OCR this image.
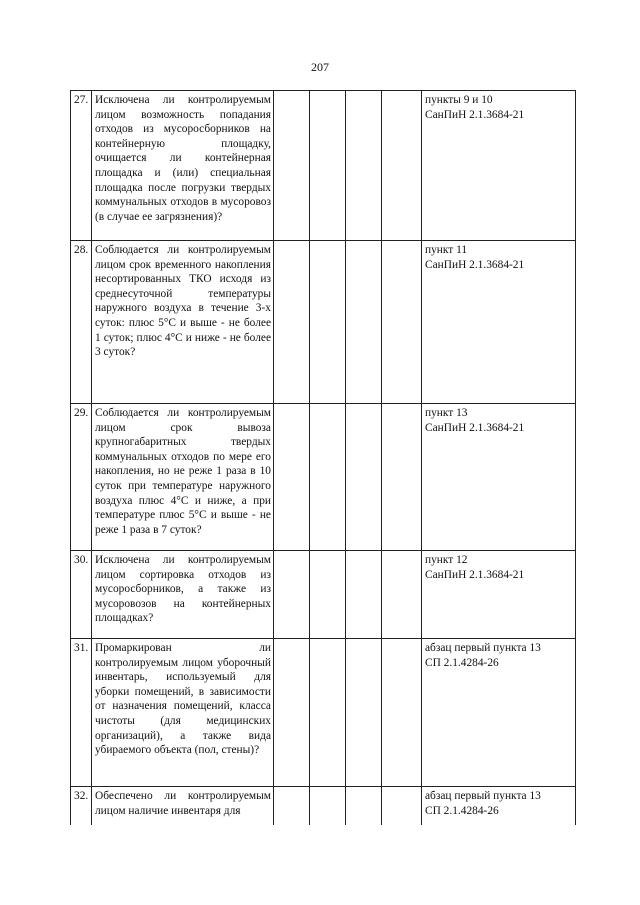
207
27.	Исключена ли контролируемым лицом возможность попадания отходов из мусоросборников на контейнерную площадку, очищается ли контейнерная площадка и (или) специальная площадка после погрузки твердых коммунальных отходов в мусоровоз (в случае ее загрязнения)?					пункты 9 и 10
СанПиН 2.1.3684-21
28.	Соблюдается ли контролируемым лицом срок временного накопления несортированных ТКО исходя из среднесуточной температуры наружного воздуха в течение 3-х суток: плюс 5°С и выше - не более 1 суток; плюс 4°С и ниже - не более 3 суток?					пункт 11
СанПиН 2.1.3684-21
29.	Соблюдается ли контролируемым лицом срок вывоза крупногабаритных твердых коммунальных отходов по мере его накопления, но не реже 1 раза в 10 суток при температуре наружного воздуха плюс 4°С и ниже, а при температуре плюс 5°С и выше - не реже 1 раза в 7 суток?					пункт 13
СанПиН 2.1.3684-21
30.	Исключена ли контролируемым лицом сортировка отходов из мусоросборников, а также из мусоровозов на контейнерных площадках?					пункт 12
СанПиН 2.1.3684-21
31.	Промаркирован ли контролируемым лицом уборочный инвентарь, используемый для уборки помещений, в зависимости от назначения помещений, класса чистоты (для медицинских организаций), а также вида убираемого объекта (пол, стены)?					абзац первый пункта 13
СП 2.1.4284-26
32.	Обеспечено ли контролируемым лицом наличие инвентаря для					абзац первый пункта 13
СП 2.1.4284-26
